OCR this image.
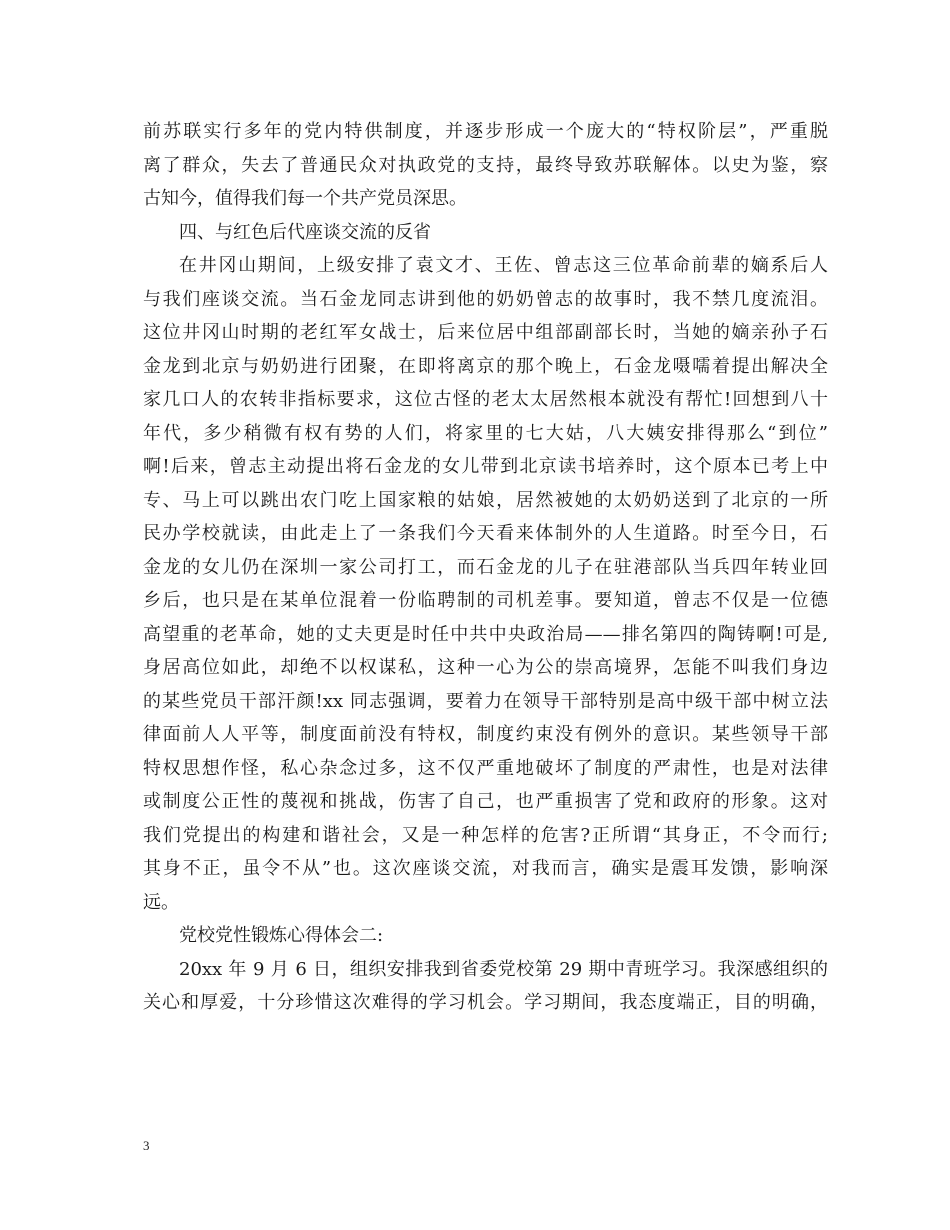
前苏联实行多年的党内特供制度，并逐步形成一个庞大的“特权阶层”，严重脱
离了群众，失去了普通民众对执政党的支持，最终导致苏联解体。以史为鉴，察
古知今，值得我们每一个共产党员深思。
四、与红色后代座谈交流的反省
在井冈山期间，上级安排了袁文才、王佐、曾志这三位革命前辈的嫡系后人
与我们座谈交流。当石金龙同志讲到他的奶奶曾志的故事时，我不禁几度流泪。
这位井冈山时期的老红军女战士，后来位居中组部副部长时，当她的嫡亲孙子石
金龙到北京与奶奶进行团聚，在即将离京的那个晚上，石金龙嗫嚅着提出解决全
家几口人的农转非指标要求，这位古怪的老太太居然根本就没有帮忙!回想到八十
年代，多少稍微有权有势的人们，将家里的七大姑，八大姨安排得那么“到位”
啊!后来，曾志主动提出将石金龙的女儿带到北京读书培养时，这个原本已考上中
专、马上可以跳出农门吃上国家粮的姑娘，居然被她的太奶奶送到了北京的一所
民办学校就读，由此走上了一条我们今天看来体制外的人生道路。时至今日，石
金龙的女儿仍在深圳一家公司打工，而石金龙的儿子在驻港部队当兵四年转业回
乡后，也只是在某单位混着一份临聘制的司机差事。要知道，曾志不仅是一位德
高望重的老革命，她的丈夫更是时任中共中央政治局——排名第四的陶铸啊!可是,
身居高位如此，却绝不以权谋私，这种一心为公的崇高境界，怎能不叫我们身边
的某些党员干部汗颜!xx 同志强调，要着力在领导干部特别是高中级干部中树立法
律面前人人平等，制度面前没有特权，制度约束没有例外的意识。某些领导干部
特权思想作怪，私心杂念过多，这不仅严重地破坏了制度的严肃性，也是对法律
或制度公正性的蔑视和挑战，伤害了自己，也严重损害了党和政府的形象。这对
我们党提出的构建和谐社会，又是一种怎样的危害?正所谓“其身正，不令而行;
其身不正，虽令不从”也。这次座谈交流，对我而言，确实是震耳发馈，影响深
远。
党校党性锻炼心得体会二:
20xx 年 9 月 6 日，组织安排我到省委党校第 29 期中青班学习。我深感组织的
关心和厚爱，十分珍惜这次难得的学习机会。学习期间，我态度端正，目的明确，
3
